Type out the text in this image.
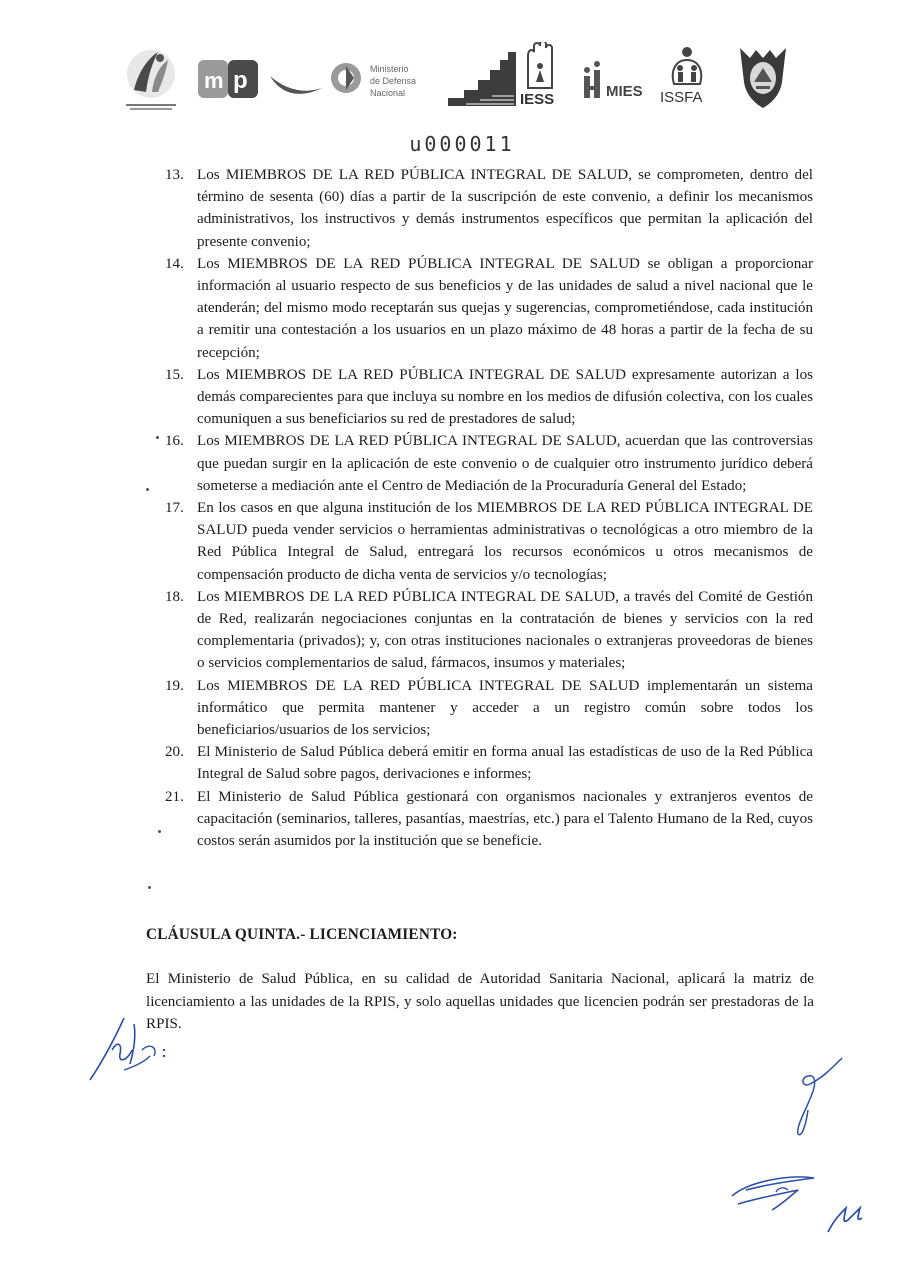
m p	Ministerio
de Defensa
Nacional	IESS	MIES ISSFA
u000011
13. Los MIEMBROS DE LA RED PÚBLICA INTEGRAL DE SALUD, se comprometen, dentro del término de sesenta (60) días a partir de la suscripción de este convenio, a definir los mecanismos administrativos, los instructivos y demás instrumentos específicos que permitan la aplicación del presente convenio;
14. Los MIEMBROS DE LA RED PÚBLICA INTEGRAL DE SALUD se obligan a proporcionar información al usuario respecto de sus beneficios y de las unidades de salud a nivel nacional que le atenderán; del mismo modo receptarán sus quejas y sugerencias, comprometiéndose, cada institución a remitir una contestación a los usuarios en un plazo máximo de 48 horas a partir de la fecha de su recepción;
15. Los MIEMBROS DE LA RED PÚBLICA INTEGRAL DE SALUD expresamente autorizan a los demás comparecientes para que incluya su nombre en los medios de difusión colectiva, con los cuales comuniquen a sus beneficiarios su red de prestadores de salud;
16. Los MIEMBROS DE LA RED PÚBLICA INTEGRAL DE SALUD, acuerdan que las controversias que puedan surgir en la aplicación de este convenio o de cualquier otro instrumento jurídico deberá someterse a mediación ante el Centro de Mediación de la Procuraduría General del Estado;
17. En los casos en que alguna institución de los MIEMBROS DE LA RED PÚBLICA INTEGRAL DE SALUD pueda vender servicios o herramientas administrativas o tecnológicas a otro miembro de la Red Pública Integral de Salud, entregará los recursos económicos u otros mecanismos de compensación producto de dicha venta de servicios y/o tecnologías;
18. Los MIEMBROS DE LA RED PÚBLICA INTEGRAL DE SALUD, a través del Comité de Gestión de Red, realizarán negociaciones conjuntas en la contratación de bienes y servicios con la red complementaria (privados); y, con otras instituciones nacionales o extranjeras proveedoras de bienes o servicios complementarios de salud, fármacos, insumos y materiales;
19. Los MIEMBROS DE LA RED PÚBLICA INTEGRAL DE SALUD implementarán un sistema informático que permita mantener y acceder a un registro común sobre todos los beneficiarios/usuarios de los servicios;
20. El Ministerio de Salud Pública deberá emitir en forma anual las estadísticas de uso de la Red Pública Integral de Salud sobre pagos, derivaciones e informes;
21. El Ministerio de Salud Pública gestionará con organismos nacionales y extranjeros eventos de capacitación (seminarios, talleres, pasantías, maestrías, etc.) para el Talento Humano de la Red, cuyos costos serán asumidos por la institución que se beneficie.
CLÁUSULA QUINTA.- LICENCIAMIENTO:

El Ministerio de Salud Pública, en su calidad de Autoridad Sanitaria Nacional, aplicará la matriz de licenciamiento a las unidades de la RPIS, y solo aquellas unidades que licencien podrán ser prestadoras de la RPIS.
